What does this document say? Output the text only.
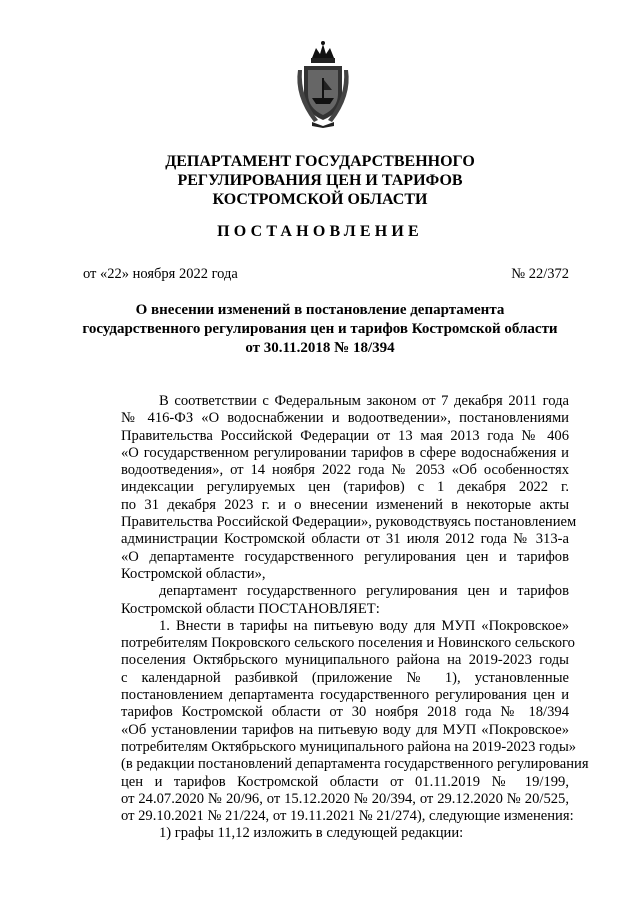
ДЕПАРТАМЕНТ ГОСУДАРСТВЕННОГО
РЕГУЛИРОВАНИЯ ЦЕН И ТАРИФОВ
КОСТРОМСКОЙ ОБЛАСТИ
ПОСТАНОВЛЕНИЕ
от «22» ноября 2022 года	№ 22/372
О внесении изменений в постановление департамента
государственного регулирования цен и тарифов Костромской области
от 30.11.2018 № 18/394
В соответствии с Федеральным законом от 7 декабря 2011 года
№ 416-ФЗ «О водоснабжении и водоотведении», постановлениями
Правительства Российской Федерации от 13 мая 2013 года № 406
«О государственном регулировании тарифов в сфере водоснабжения и
водоотведения», от 14 ноября 2022 года № 2053 «Об особенностях
индексации регулируемых цен (тарифов) с 1 декабря 2022 г.
по 31 декабря 2023 г. и о внесении изменений в некоторые акты
Правительства Российской Федерации», руководствуясь постановлением
администрации Костромской области от 31 июля 2012 года № 313-а
«О департаменте государственного регулирования цен и тарифов
Костромской области»,
департамент государственного регулирования цен и тарифов
Костромской области ПОСТАНОВЛЯЕТ:
1. Внести в тарифы на питьевую воду для МУП «Покровское»
потребителям Покровского сельского поселения и Новинского сельского
поселения Октябрьского муниципального района на 2019-2023 годы
с календарной разбивкой (приложение № 1), установленные
постановлением департамента государственного регулирования цен и
тарифов Костромской области от 30 ноября 2018 года № 18/394
«Об установлении тарифов на питьевую воду для МУП «Покровское»
потребителям Октябрьского муниципального района на 2019-2023 годы»
(в редакции постановлений департамента государственного регулирования
цен и тарифов Костромской области от 01.11.2019 № 19/199,
от 24.07.2020 № 20/96, от 15.12.2020 № 20/394, от 29.12.2020 № 20/525,
от 29.10.2021 № 21/224, от 19.11.2021 № 21/274), следующие изменения:
1) графы 11,12 изложить в следующей редакции:
